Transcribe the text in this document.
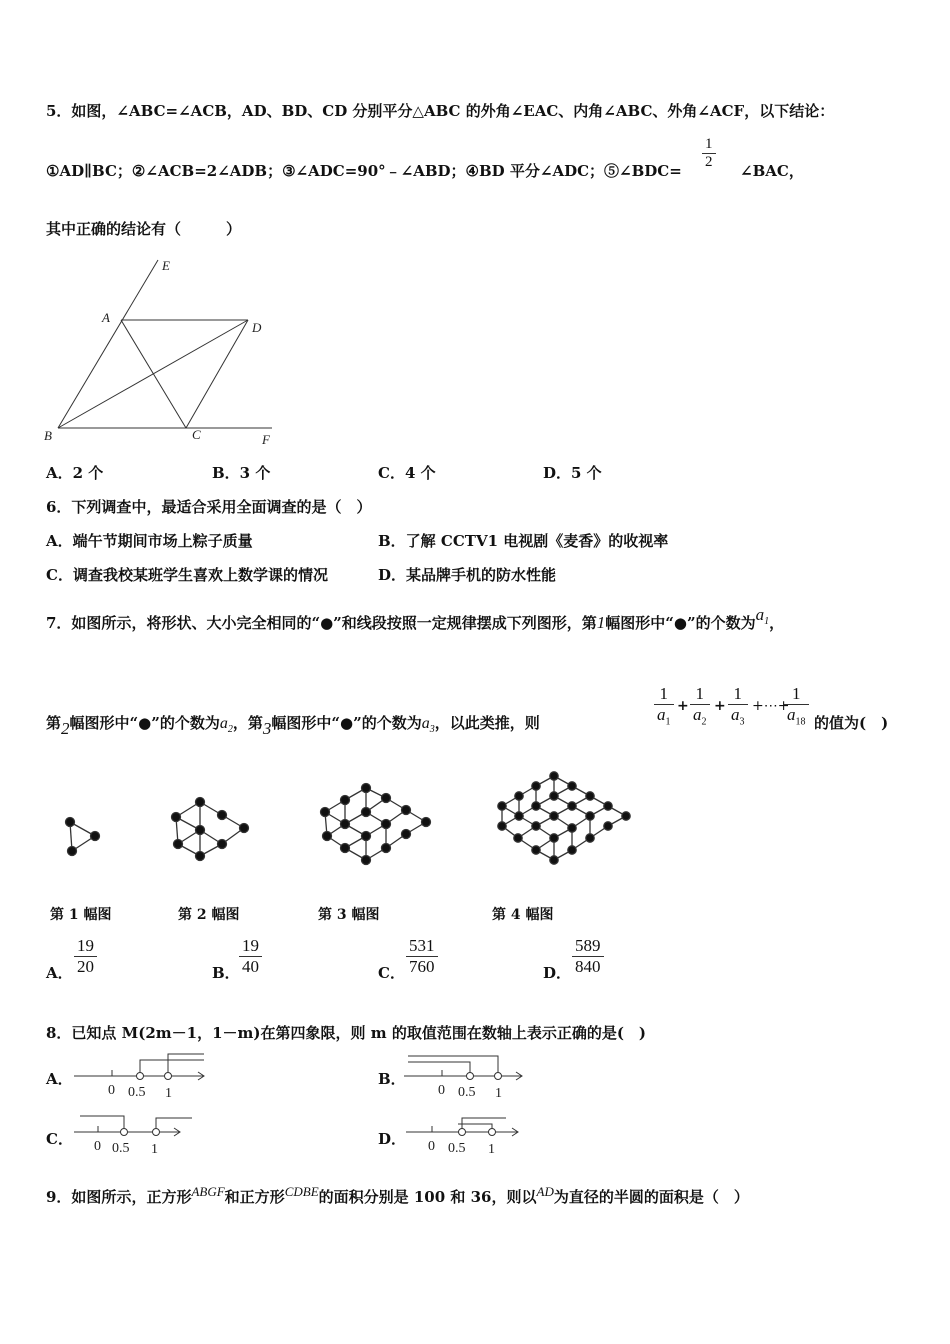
5．如图，∠ABC=∠ACB，AD、BD、CD 分别平分△ABC 的外角∠EAC、内角∠ABC、外角∠ACF，以下结论：
①AD∥BC；②∠ACB=2∠ADB；③∠ADC=90°﹣∠ABD；④BD 平分∠ADC；⑤∠BDC= $\frac{1}{2}$ ∠BAC，
其中正确的结论有（　　　）
E
A
D
B	C	F
A．2 个	B．3 个	C．4 个	D．5 个
6．下列调查中，最适合采用全面调查的是（　）
A．端午节期间市场上粽子质量	B．了解 CCTV1 电视剧《麦香》的收视率
C．调查我校某班学生喜欢上数学课的情况	D．某品牌手机的防水性能
7．如图所示，将形状、大小完全相同的“●”和线段按照一定规律摆成下列图形，第1幅图形中“●”的个数为$a_1$，
第2幅图形中“●”的个数为$a_2$，第3幅图形中“●”的个数为$a_3$，以此类推，则	$\frac{1}{a_1} + \frac{1}{a_2} + \frac{1}{a_3}$ +⋯+
$\frac{1}{a_{18}}$ 的值为(　)
第 1 幅图	第 2 幅图	第 3 幅图	第 4 幅图
A． $\frac{19}{20}$	B． $\frac{19}{40}$	C． $\frac{531}{760}$	D． $\frac{589}{840}$
8．已知点 M(2m－1，1－m)在第四象限，则 m 的取值范围在数轴上表示正确的是(　)
A．
0 0.5 1
B．
0 0.5 1
C． 0 0.5 1
D． 0 0.5 1
9．如图所示，正方形ABGF和正方形CDBE的面积分别是 100 和 36，则以AD为直径的半圆的面积是（　）
